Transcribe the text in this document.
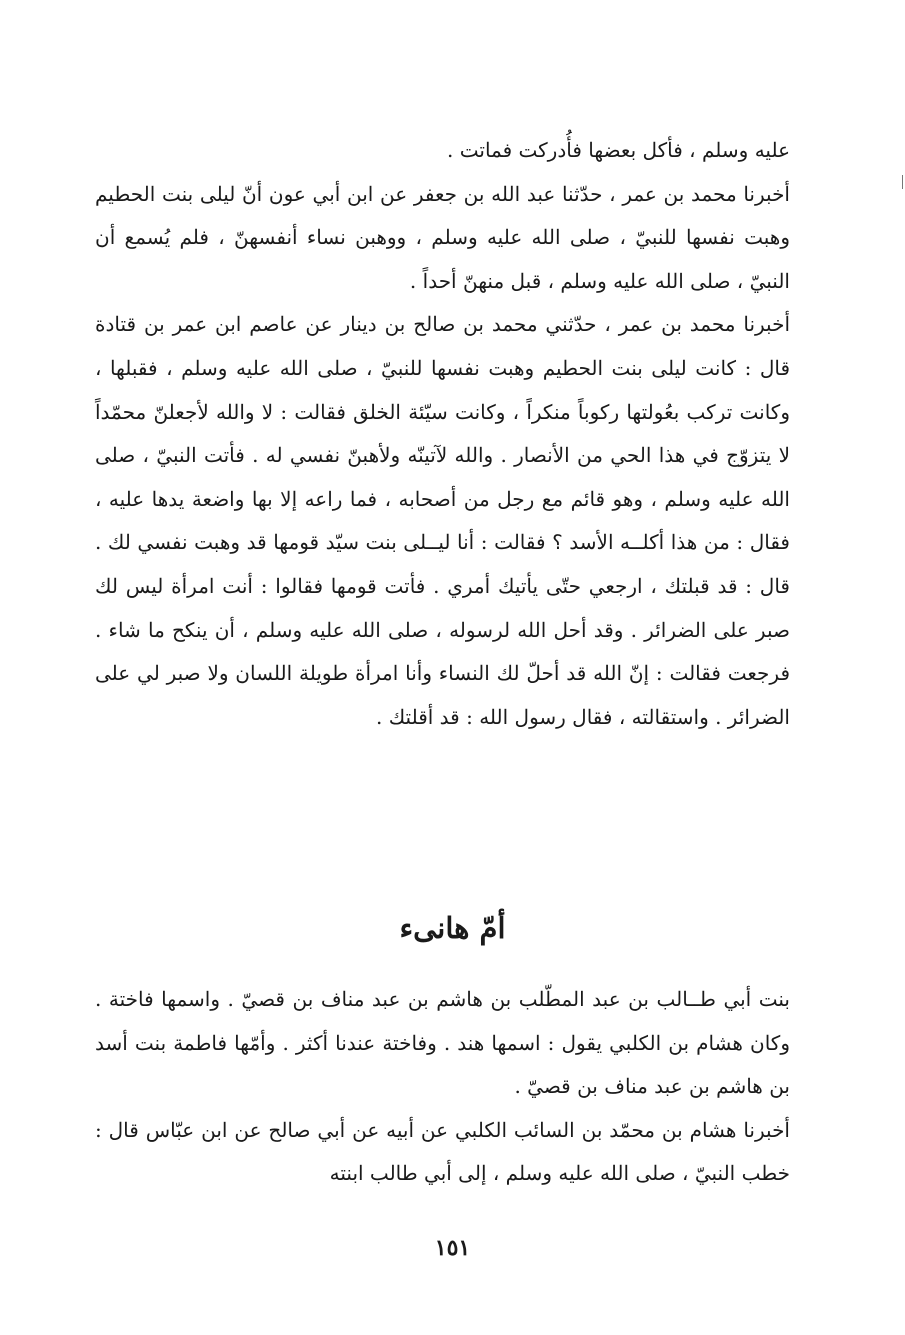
عليه وسلم ، فأكل بعضها فأُدركت فماتت .

أخبرنا محمد بن عمر ، حدّثنا عبد الله بن جعفر عن ابن أبي عون أنّ ليلى بنت الحطيم وهبت نفسها للنبيّ ، صلى الله عليه وسلم ، ووهبن نساء أنفسهنّ ، فلم يُسمع أن النبيّ ، صلى الله عليه وسلم ، قبل منهنّ أحداً .

أخبرنا محمد بن عمر ، حدّثني محمد بن صالح بن دينار عن عاصم ابن عمر بن قتادة قال : كانت ليلى بنت الحطيم وهبت نفسها للنبيّ ، صلى الله عليه وسلم ، فقبلها ، وكانت تركب بعُولتها ركوباً منكراً ، وكانت سيّئة الخلق فقالت : لا والله لأجعلنّ محمّداً لا يتزوّج في هذا الحي من الأنصار . والله لآتينّه ولأهبنّ نفسي له . فأتت النبيّ ، صلى الله عليه وسلم ، وهو قائم مع رجل من أصحابه ، فما راعه إلا بها واضعة يدها عليه ، فقال : من هذا أكلــه الأسد ؟ فقالت : أنا ليــلى بنت سيّد قومها قد وهبت نفسي لك . قال : قد قبلتك ، ارجعي حتّى يأتيك أمري . فأتت قومها فقالوا : أنت امرأة ليس لك صبر على الضرائر . وقد أحل الله لرسوله ، صلى الله عليه وسلم ، أن ينكح ما شاء . فرجعت فقالت : إنّ الله قد أحلّ لك النساء وأنا امرأة طويلة اللسان ولا صبر لي على الضرائر . واستقالته ، فقال رسول الله : قد أقلتك .

أمّ هانىء

بنت أبي طــالب بن عبد المطّلب بن هاشم بن عبد مناف بن قصيّ . واسمها فاختة . وكان هشام بن الكلبي يقول : اسمها هند . وفاختة عندنا أكثر . وأمّها فاطمة بنت أسد بن هاشم بن عبد مناف بن قصيّ .

أخبرنا هشام بن محمّد بن السائب الكلبي عن أبيه عن أبي صالح عن ابن عبّاس قال : خطب النبيّ ، صلى الله عليه وسلم ، إلى أبي طالب ابنته

١٥١
